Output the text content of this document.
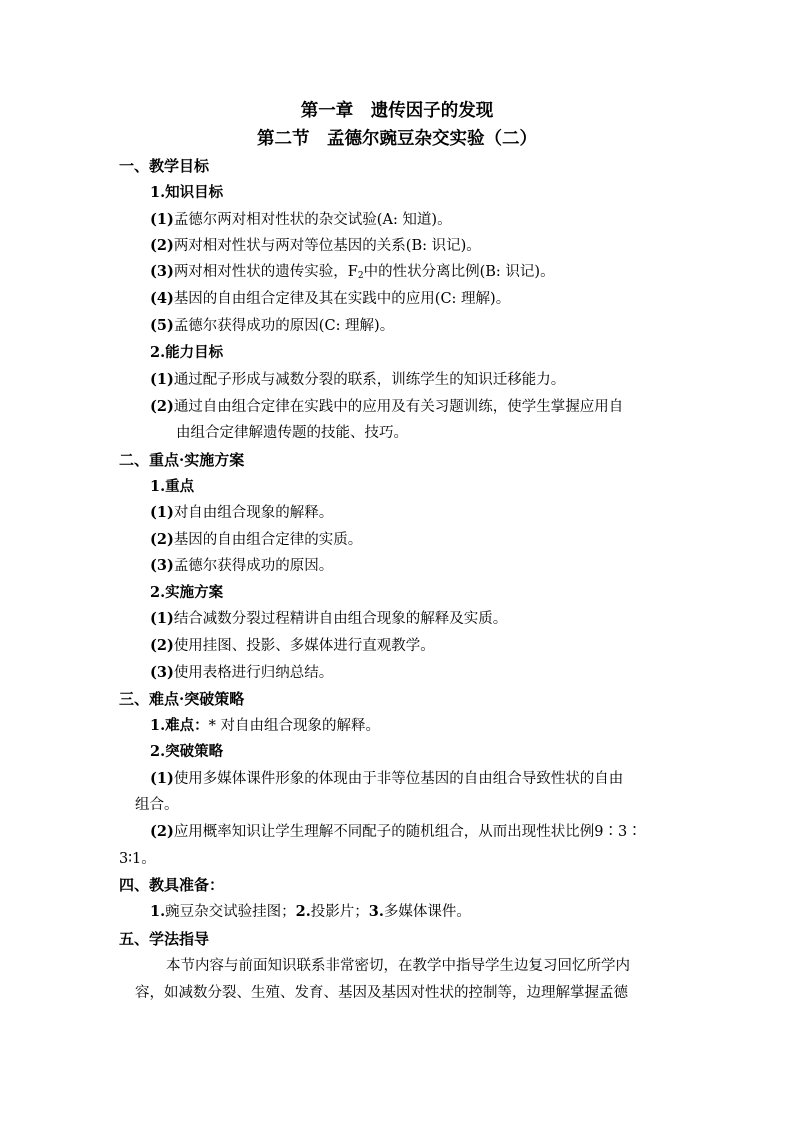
第一章　遗传因子的发现
第二节　孟德尔豌豆杂交实验（二）
一、教学目标
1.知识目标
(1)孟德尔两对相对性状的杂交试验(A: 知道)。
(2)两对相对性状与两对等位基因的关系(B: 识记)。
(3)两对相对性状的遗传实验，$F_2$中的性状分离比例(B: 识记)。
(4)基因的自由组合定律及其在实践中的应用(C: 理解)。
(5)孟德尔获得成功的原因(C: 理解)。
2.能力目标
(1)通过配子形成与减数分裂的联系，训练学生的知识迁移能力。
(2)通过自由组合定律在实践中的应用及有关习题训练，使学生掌握应用自
由组合定律解遗传题的技能、技巧。
二、重点·实施方案
1.重点
(1)对自由组合现象的解释。
(2)基因的自由组合定律的实质。
(3)孟德尔获得成功的原因。
2.实施方案
(1)结合减数分裂过程精讲自由组合现象的解释及实质。
(2)使用挂图、投影、多媒体进行直观教学。
(3)使用表格进行归纳总结。
三、难点·突破策略
1.难点：* 对自由组合现象的解释。
2.突破策略
(1)使用多媒体课件形象的体现由于非等位基因的自由组合导致性状的自由
组合。
(2)应用概率知识让学生理解不同配子的随机组合，从而出现性状比例9∶3∶
3∶1。
四、教具准备：
1.豌豆杂交试验挂图；2.投影片；3.多媒体课件。
五、学法指导
本节内容与前面知识联系非常密切，在教学中指导学生边复习回忆所学内
容，如减数分裂、生殖、发育、基因及基因对性状的控制等，边理解掌握孟德
